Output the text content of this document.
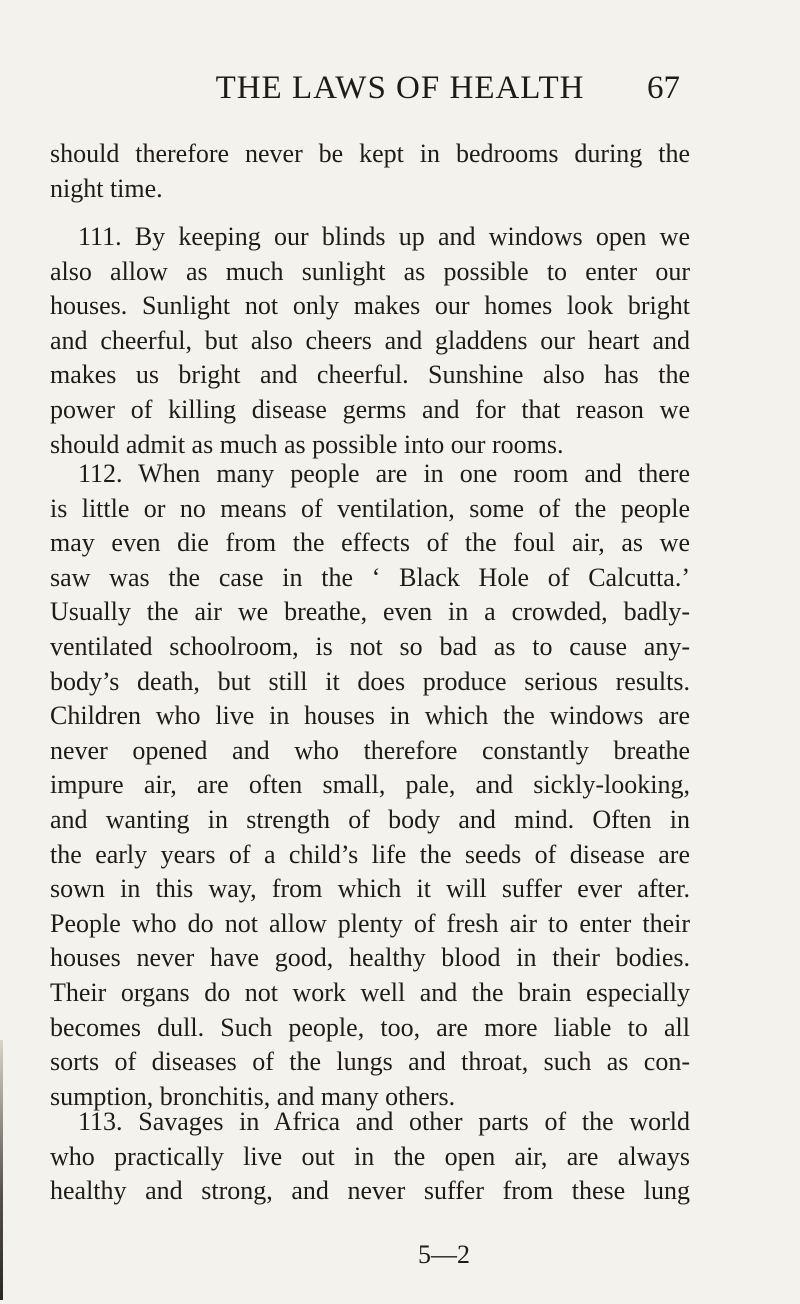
THE LAWS OF HEALTH	67

should therefore never be kept in bedrooms during the
night time.

111. By keeping our blinds up and windows open we
also allow as much sunlight as possible to enter our
houses. Sunlight not only makes our homes look bright
and cheerful, but also cheers and gladdens our heart and
makes us bright and cheerful. Sunshine also has the
power of killing disease germs and for that reason we
should admit as much as possible into our rooms.

112. When many people are in one room and there
is little or no means of ventilation, some of the people
may even die from the effects of the foul air, as we
saw was the case in the ‘ Black Hole of Calcutta.’
Usually the air we breathe, even in a crowded, badly-
ventilated schoolroom, is not so bad as to cause any-
body’s death, but still it does produce serious results.
Children who live in houses in which the windows are
never opened and who therefore constantly breathe
impure air, are often small, pale, and sickly-looking,
and wanting in strength of body and mind. Often in
the early years of a child’s life the seeds of disease are
sown in this way, from which it will suffer ever after.
People who do not allow plenty of fresh air to enter their
houses never have good, healthy blood in their bodies.
Their organs do not work well and the brain especially
becomes dull. Such people, too, are more liable to all
sorts of diseases of the lungs and throat, such as con-
sumption, bronchitis, and many others.

113. Savages in Africa and other parts of the world
who practically live out in the open air, are always
healthy and strong, and never suffer from these lung

5—2
